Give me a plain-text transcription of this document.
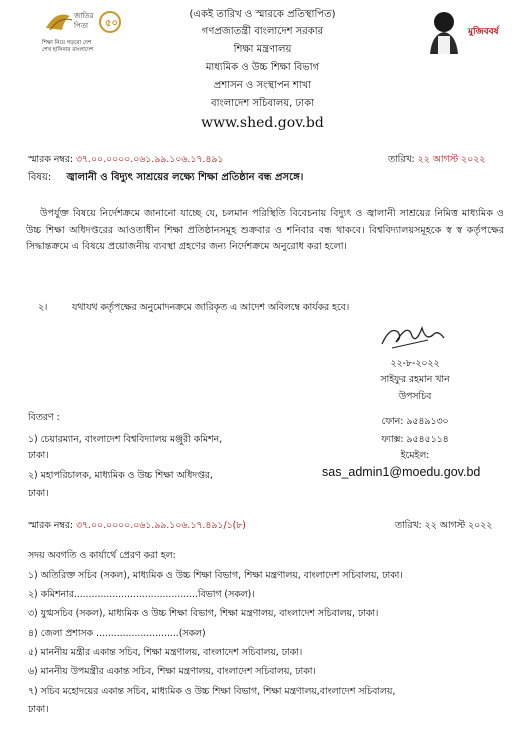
জাতির
পিতা ৫০
শিক্ষা নিয়ে গড়বো দেশ
শেখ হাসিনার বাংলাদেশ
মুজিববর্ষ
(একই তারিখ ও স্মারকে প্রতিস্থাপিত)
গণপ্রজাতন্ত্রী বাংলাদেশ সরকার
শিক্ষা মন্ত্রণালয়
মাধ্যমিক ও উচ্চ শিক্ষা বিভাগ
প্রশাসন ও সংস্থাপন শাখা
বাংলাদেশ সচিবালয়, ঢাকা
www.shed.gov.bd
স্মারক নম্বর: ৩৭.০০.০০০০.০৬১.৯৯.১০৬.১৭.৪৯১	তারিখ: ২২ আগস্ট ২০২২
বিষয়: জ্বালানী ও বিদ্যুৎ সাশ্রয়ের লক্ষ্যে শিক্ষা প্রতিষ্ঠান বন্ধ প্রসঙ্গে।
উপর্যুক্ত বিষয়ে নির্দেশক্রমে জানানো যাচ্ছে যে, চলমান পরিস্থিতি বিবেচনায় বিদ্যুৎ ও জ্বালানী সাশ্রয়ের নিমিত্ত মাধ্যমিক ও উচ্চ শিক্ষা অধিদপ্তরের আওতাধীন শিক্ষা প্রতিষ্ঠানসমূহ শুক্রবার ও শনিবার বন্ধ থাকবে। বিশ্ববিদ্যালয়সমূহকে স্ব স্ব কর্তৃপক্ষের সিদ্ধান্তক্রমে এ বিষয়ে প্রয়োজনীয় ব্যবস্থা গ্রহণের জন্য নির্দেশক্রমে অনুরোধ করা হলো।
২।	যথাযথ কর্তৃপক্ষের অনুমোদনক্রমে জারিকৃত এ আদেশ অবিলম্বে কার্যকর হবে।
২২-৮-২০২২
সাইফুর রহমান খান
উপসচিব
ফোন: ৯৫৪৯১৩০
ফ্যাক্স: ৯৫৪৫১১৪
ইমেইল:
sas_admin1@moedu.gov.bd
বিতরণ :
১) চেয়ারম্যান, বাংলাদেশ বিশ্ববিদ্যালয় মঞ্জুরী কমিশন,
ঢাকা।
২) মহাপরিচালক, মাধ্যমিক ও উচ্চ শিক্ষা অধিদপ্তর,
ঢাকা।
স্মারক নম্বর: ৩৭.০০.০০০০.০৬১.৯৯.১০৬.১৭.৪৯১/১(৮)	তারিখ: ২২ আগস্ট ২০২২
সদয় অবগতি ও কার্যার্থে প্রেরণ করা হল:
১) অতিরিক্ত সচিব (সকল), মাধ্যমিক ও উচ্চ শিক্ষা বিভাগ, শিক্ষা মন্ত্রণালয়, বাংলাদেশ সচিবালয়, ঢাকা।
২) কমিশনার..........................................বিভাগ (সকল)।
৩) যুগ্মসচিব (সকল), মাধ্যমিক ও উচ্চ শিক্ষা বিভাগ, শিক্ষা মন্ত্রণালয়, বাংলাদেশ সচিবালয়, ঢাকা।
৪) জেলা প্রশাসক ............................(সকল)
৫) মাননীয় মন্ত্রীর একান্ত সচিব, শিক্ষা মন্ত্রণালয়, বাংলাদেশ সচিবালয়, ঢাকা।
৬) মাননীয় উপমন্ত্রীর একান্ত সচিব, শিক্ষা মন্ত্রণালয়, বাংলাদেশ সচিবালয়, ঢাকা।
৭) সচিব মহোদয়ের একান্ত সচিব, মাধ্যমিক ও উচ্চ শিক্ষা বিভাগ, শিক্ষা মন্ত্রণালয়,বাংলাদেশ সচিবালয়,
ঢাকা।
